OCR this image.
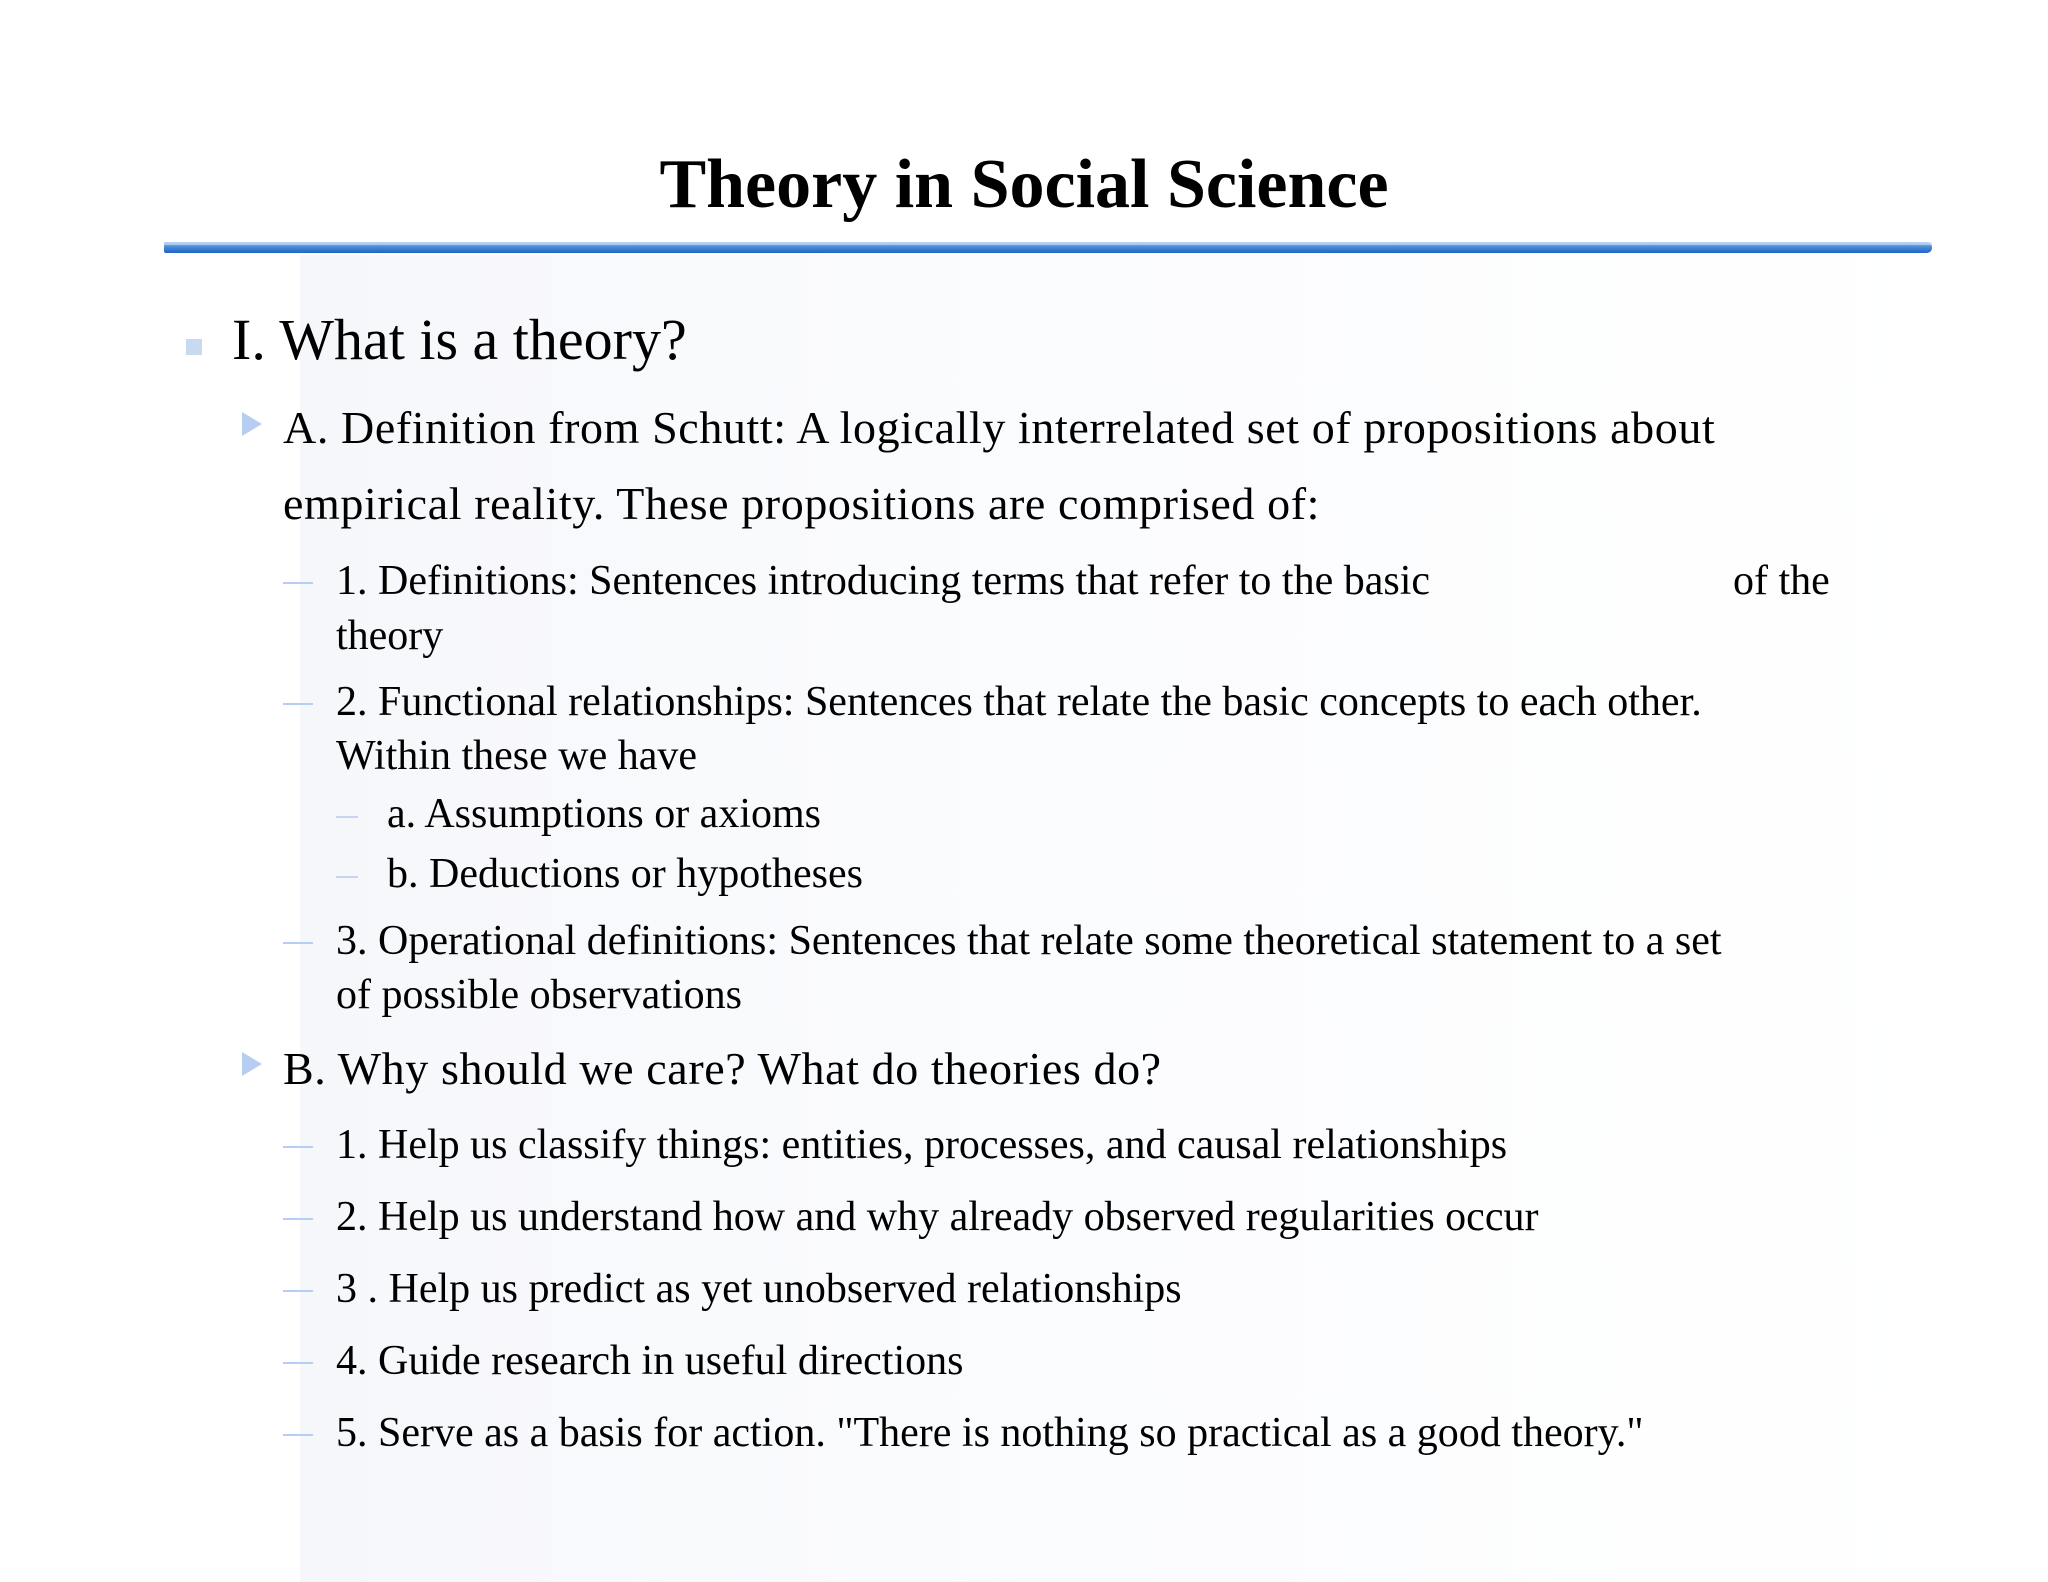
Theory in Social Science
I. What is a theory?
A. Definition from Schutt: A logically interrelated set of propositions about
empirical reality. These propositions are comprised of:
1. Definitions: Sentences introducing terms that refer to the basic	of the
theory
2. Functional relationships: Sentences that relate the basic concepts to each other.
Within these we have
a. Assumptions or axioms
b. Deductions or hypotheses
3. Operational definitions: Sentences that relate some theoretical statement to a set
of possible observations
B. Why should we care? What do theories do?
1. Help us classify things: entities, processes, and causal relationships
2. Help us understand how and why already observed regularities occur
3 . Help us predict as yet unobserved relationships
4. Guide research in useful directions
5. Serve as a basis for action. "There is nothing so practical as a good theory."
